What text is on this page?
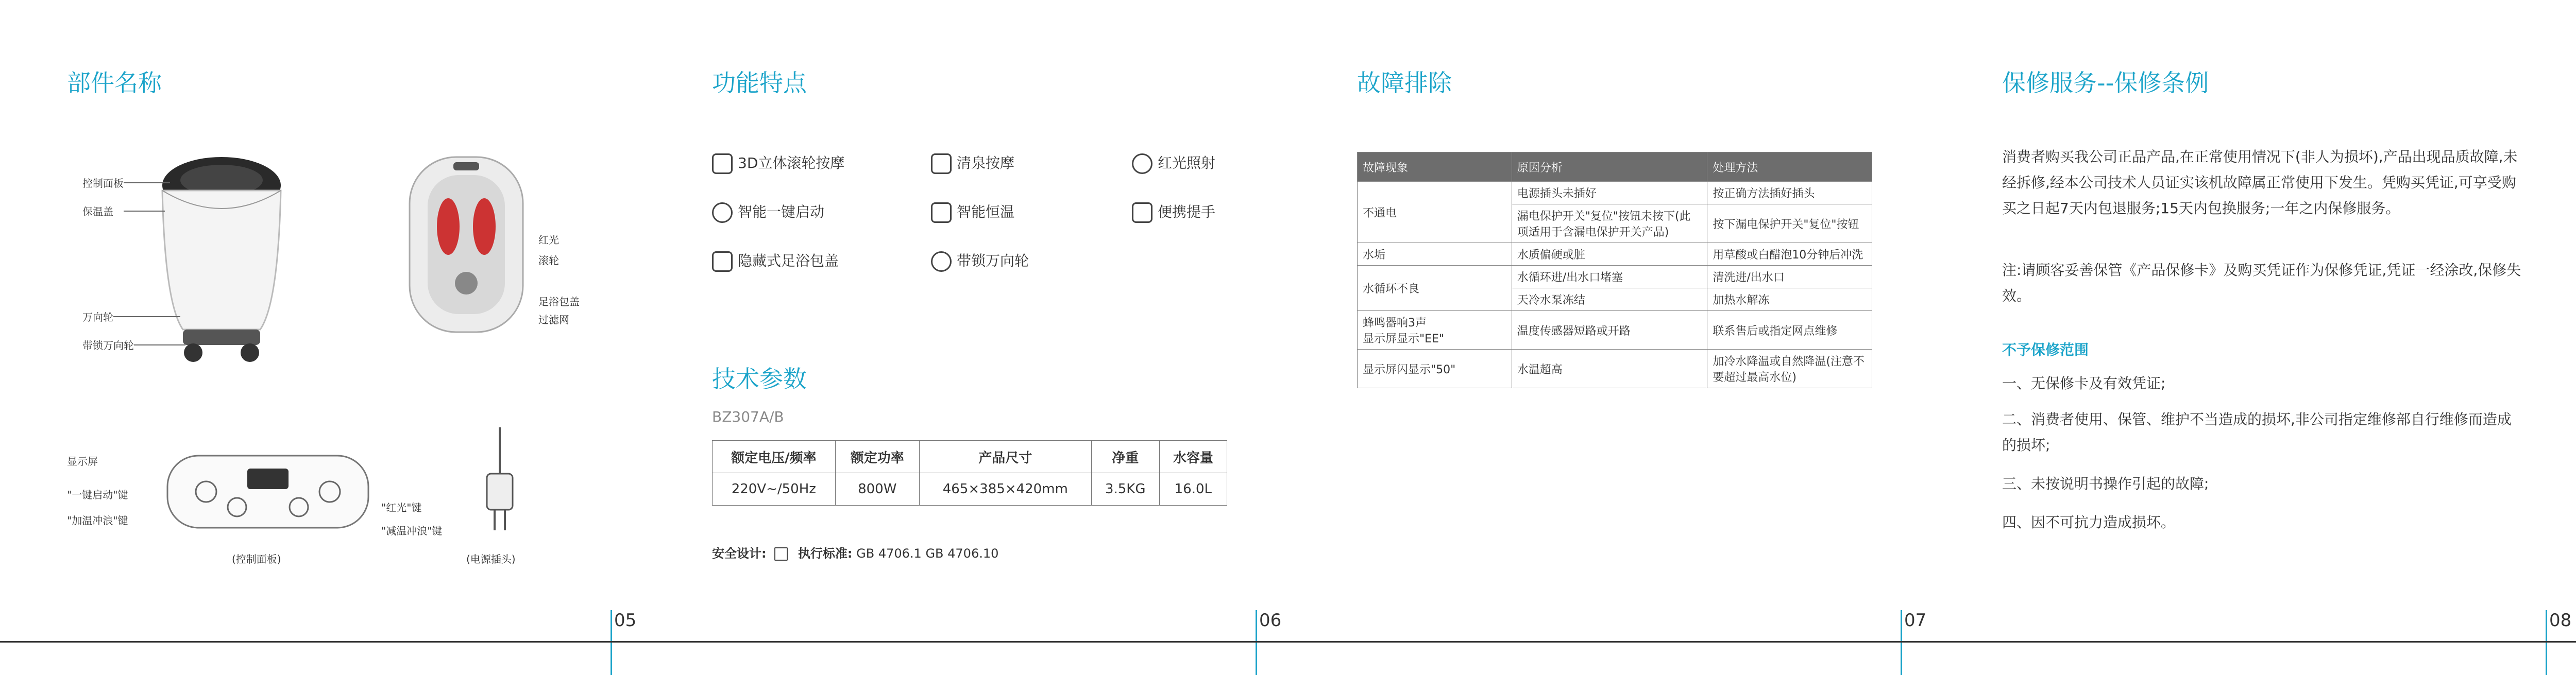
部件名称
控制面板
保温盖
万向轮
带锁万向轮
红光
滚轮
足浴包盖
过滤网
显示屏
"一键启动"键
"加温冲浪"键
"红光"键
"减温冲浪"键
(控制面板)	(电源插头)
05
功能特点
3D立体滚轮按摩	清泉按摩	红光照射
智能一键启动	智能恒温	便携提手
隐藏式足浴包盖	带锁万向轮
技术参数
BZ307A/B
额定电压/频率	额定功率	产品尺寸	净重	水容量
220V~/50Hz	800W	465×385×420mm	3.5KG	16.0L
安全设计:	执行标准: GB 4706.1 GB 4706.10
06
故障排除
故障现象	原因分析	处理方法
不通电	电源插头未插好	按正确方法插好插头
	漏电保护开关"复位"按钮未按下(此项适用于含漏电保护开关产品)	按下漏电保护开关"复位"按钮
水垢	水质偏硬或脏	用草酸或白醋泡10分钟后冲洗
水循环不良	水循环进/出水口堵塞	清洗进/出水口
	天冷水泵冻结	加热水解冻
蜂鸣器响3声
显示屏显示"EE"	温度传感器短路或开路	联系售后或指定网点维修
显示屏闪显示"50"	水温超高	加冷水降温或自然降温(注意不要超过最高水位)
07
保修服务--保修条例
消费者购买我公司正品产品,在正常使用情况下(非人为损坏),产品出现品质故障,未经拆修,经本公司技术人员证实该机故障属正常使用下发生。凭购买凭证,可享受购买之日起7天内包退服务;15天内包换服务;一年之内保修服务。
注:请顾客妥善保管《产品保修卡》及购买凭证作为保修凭证,凭证一经涂改,保修失效。
不予保修范围
一、无保修卡及有效凭证;
二、消费者使用、保管、维护不当造成的损坏,非公司指定维修部自行维修而造成的损坏;
三、未按说明书操作引起的故障;
四、因不可抗力造成损坏。
08
